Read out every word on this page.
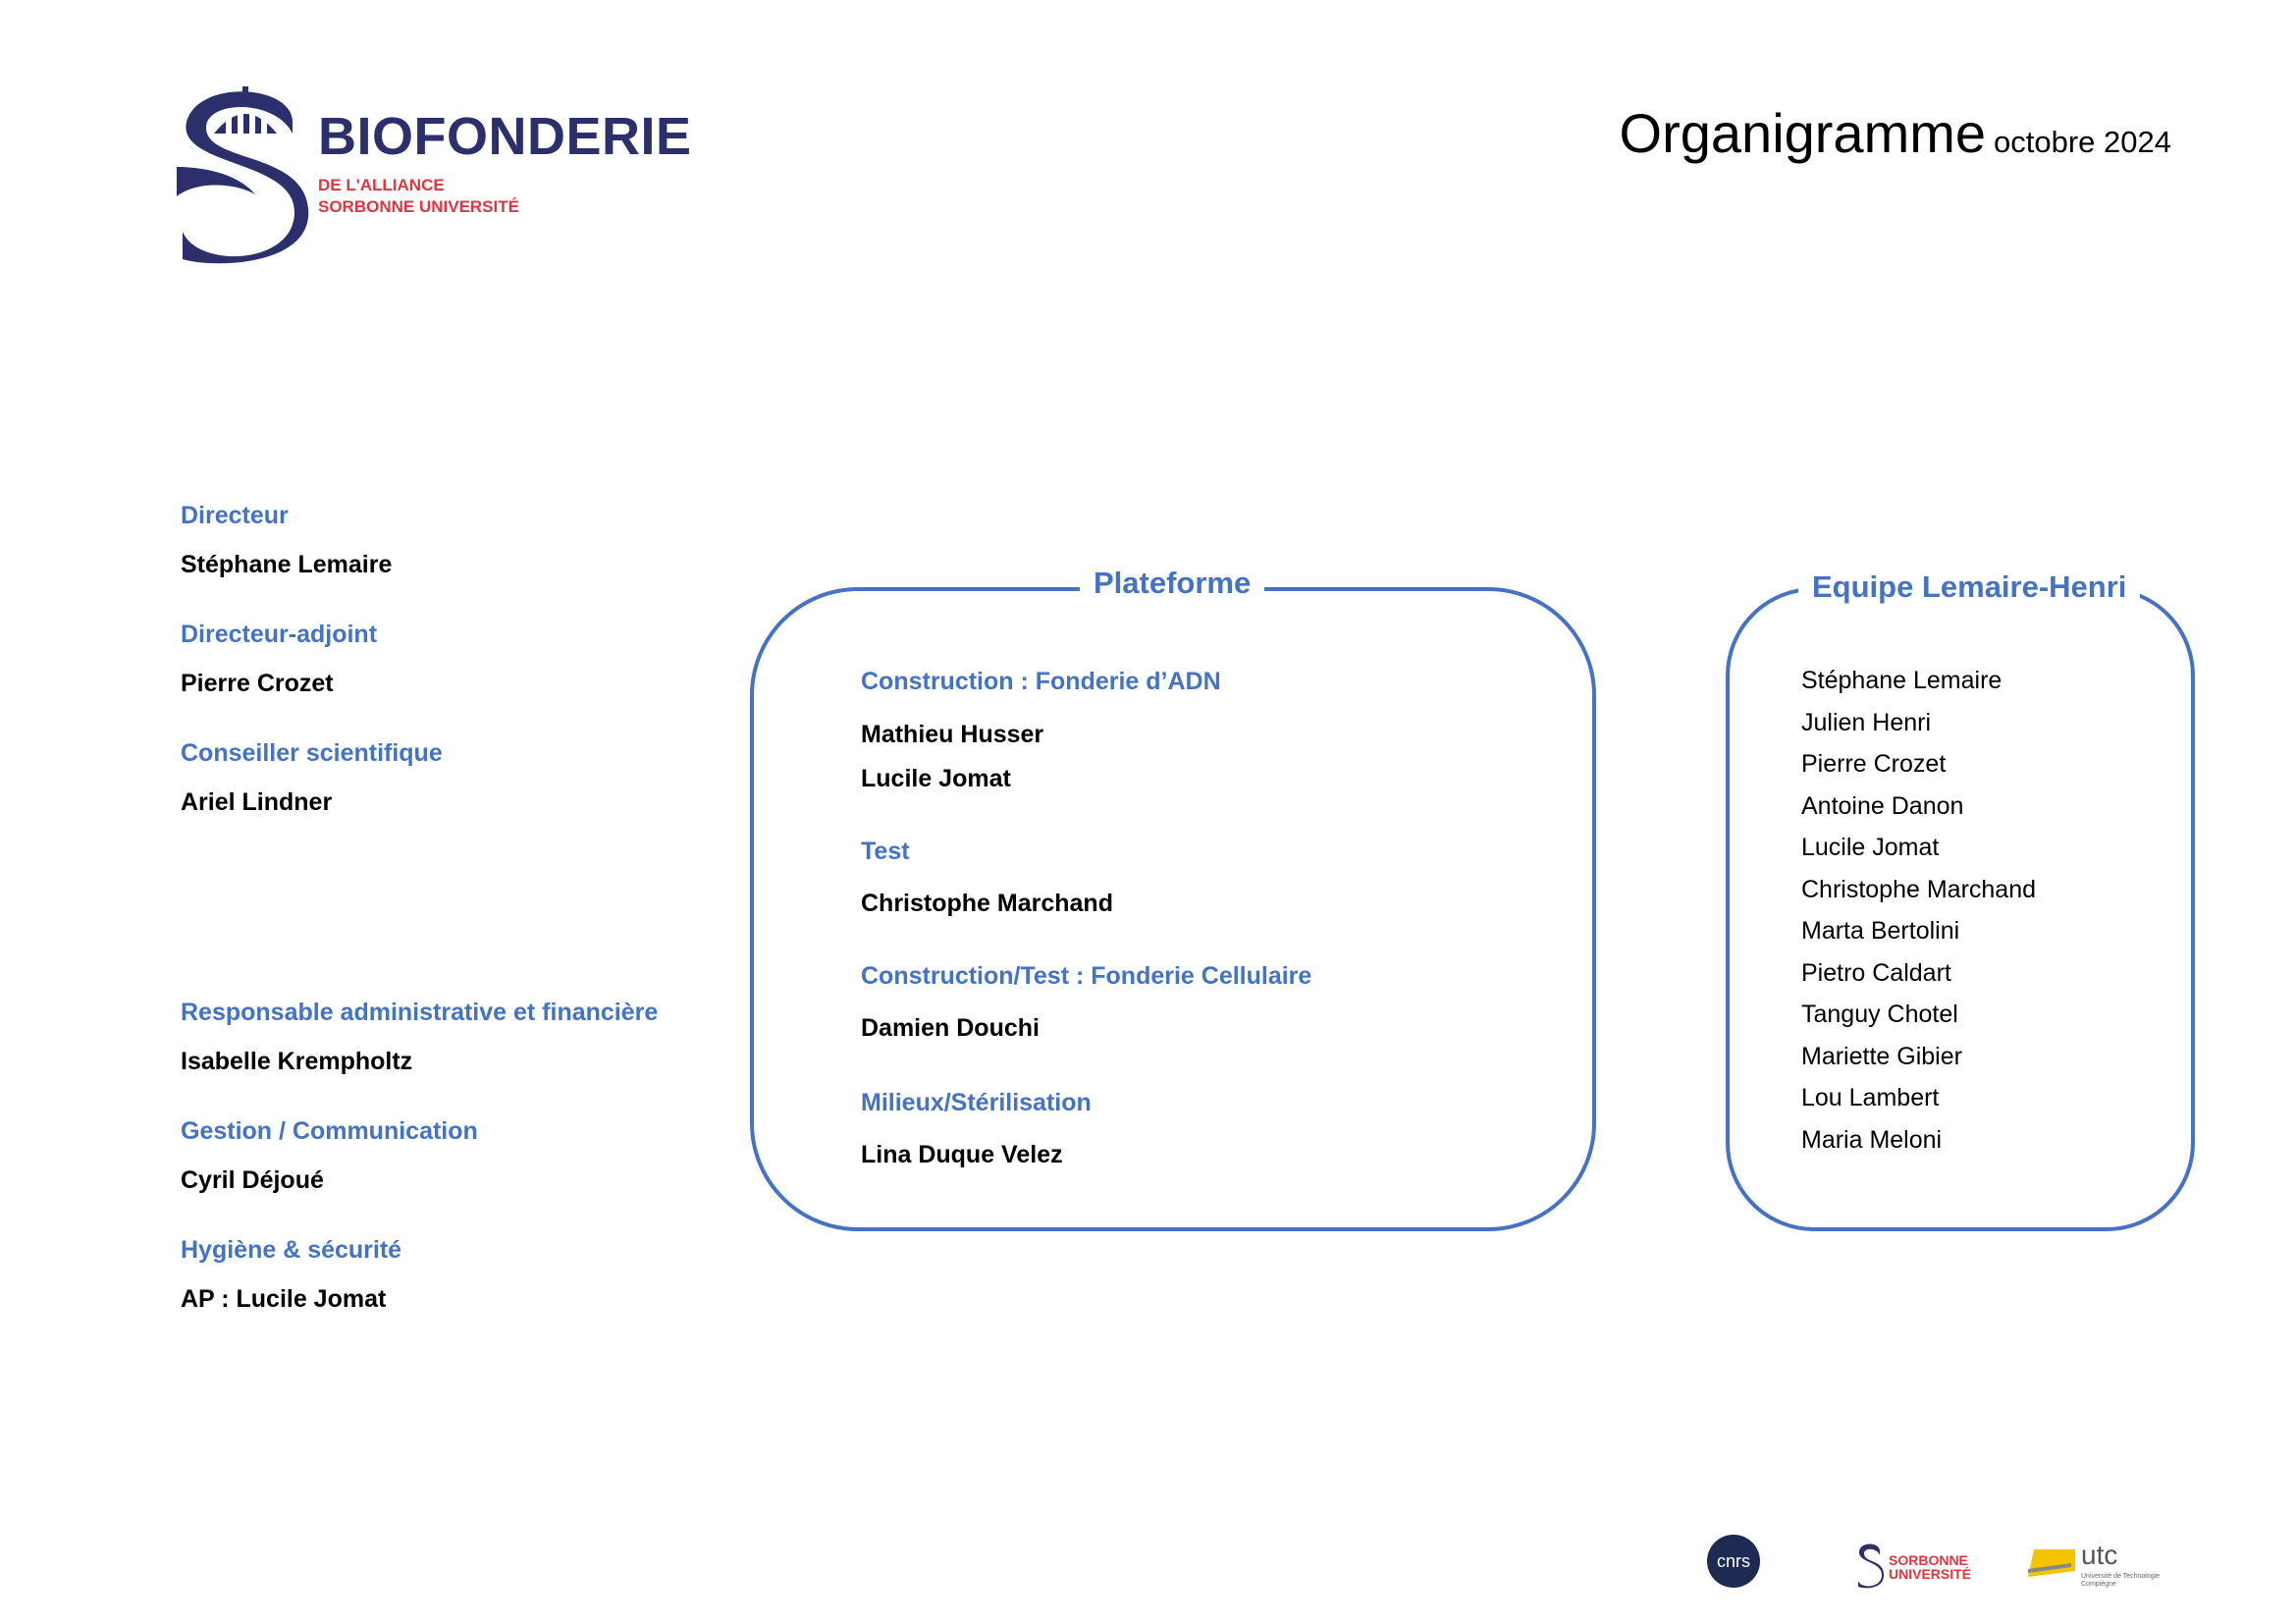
BIOFONDERIE
DE L'ALLIANCE
SORBONNE UNIVERSITÉ
Organigramme octobre 2024
Directeur
Stéphane Lemaire
Directeur-adjoint
Pierre Crozet
Conseiller scientifique
Ariel Lindner
Responsable administrative et financière
Isabelle Krempholtz
Gestion / Communication
Cyril Déjoué
Hygiène & sécurité
AP : Lucile Jomat
Plateforme
Construction : Fonderie d’ADN
Mathieu Husser
Lucile Jomat
Test
Christophe Marchand
Construction/Test : Fonderie Cellulaire
Damien Douchi
Milieux/Stérilisation
Lina Duque Velez
Equipe Lemaire-Henri
Stéphane Lemaire
Julien Henri
Pierre Crozet
Antoine Danon
Lucile Jomat
Christophe Marchand
Marta Bertolini
Pietro Caldart
Tanguy Chotel
Mariette Gibier
Lou Lambert
Maria Meloni
cnrs	SORBONNE
UNIVERSITÉ
utc
Université de Technologie
Compiègne
